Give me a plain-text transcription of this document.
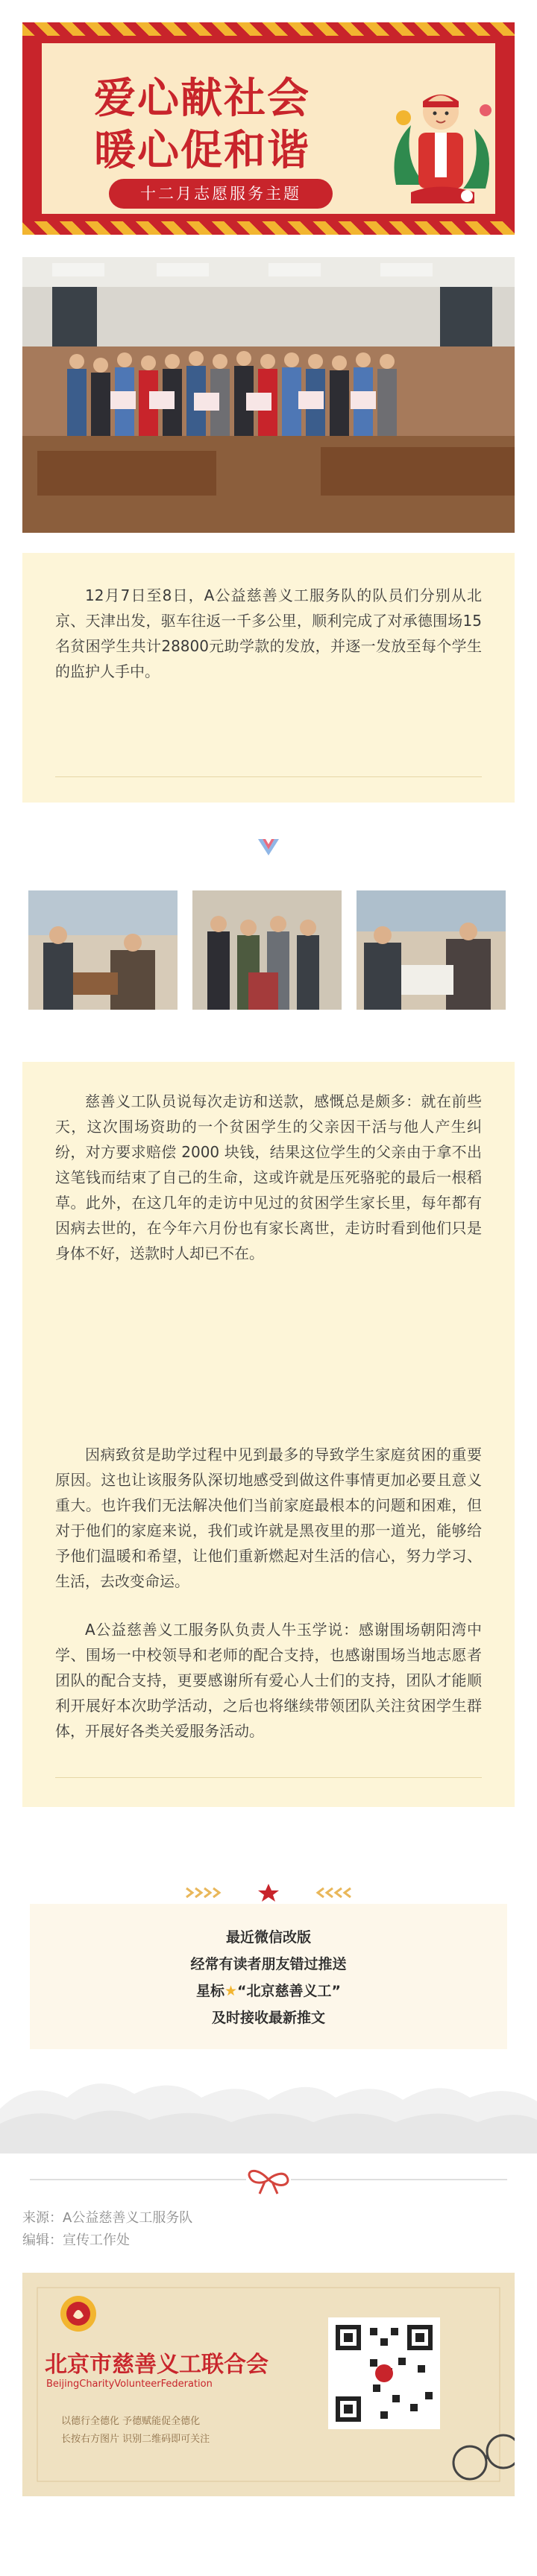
爱心献社会
暖心促和谐
十二月志愿服务主题
12月7日至8日，A公益慈善义工服务队的队员们分别从北京、天津出发，驱车往返一千多公里，顺利完成了对承德围场15名贫困学生共计28800元助学款的发放，并逐一发放至每个学生的监护人手中。
慈善义工队员说每次走访和送款，感慨总是颇多：就在前些天，这次围场资助的一个贫困学生的父亲因干活与他人产生纠纷，对方要求赔偿 2000 块钱，结果这位学生的父亲由于拿不出这笔钱而结束了自己的生命，这或许就是压死骆驼的最后一根稻草。此外，在这几年的走访中见过的贫困学生家长里，每年都有因病去世的，在今年六月份也有家长离世，走访时看到他们只是身体不好，送款时人却已不在。
因病致贫是助学过程中见到最多的导致学生家庭贫困的重要原因。这也让该服务队深切地感受到做这件事情更加必要且意义重大。也许我们无法解决他们当前家庭最根本的问题和困难，但对于他们的家庭来说，我们或许就是黑夜里的那一道光，能够给予他们温暖和希望，让他们重新燃起对生活的信心，努力学习、生活，去改变命运。
A公益慈善义工服务队负责人牛玉学说：感谢围场朝阳湾中学、围场一中校领导和老师的配合支持，也感谢围场当地志愿者团队的配合支持，更要感谢所有爱心人士们的支持，团队才能顺利开展好本次助学活动，之后也将继续带领团队关注贫困学生群体，开展好各类关爱服务活动。
最近微信改版
经常有读者朋友错过推送
星标★“北京慈善义工”
及时接收最新推文
来源：A公益慈善义工服务队
编辑：宣传工作处
北京市慈善义工联合会
BeijingCharityVolunteerFederation
以德行全德化 予德赋能促全德化
长按右方图片 识别二维码即可关注
